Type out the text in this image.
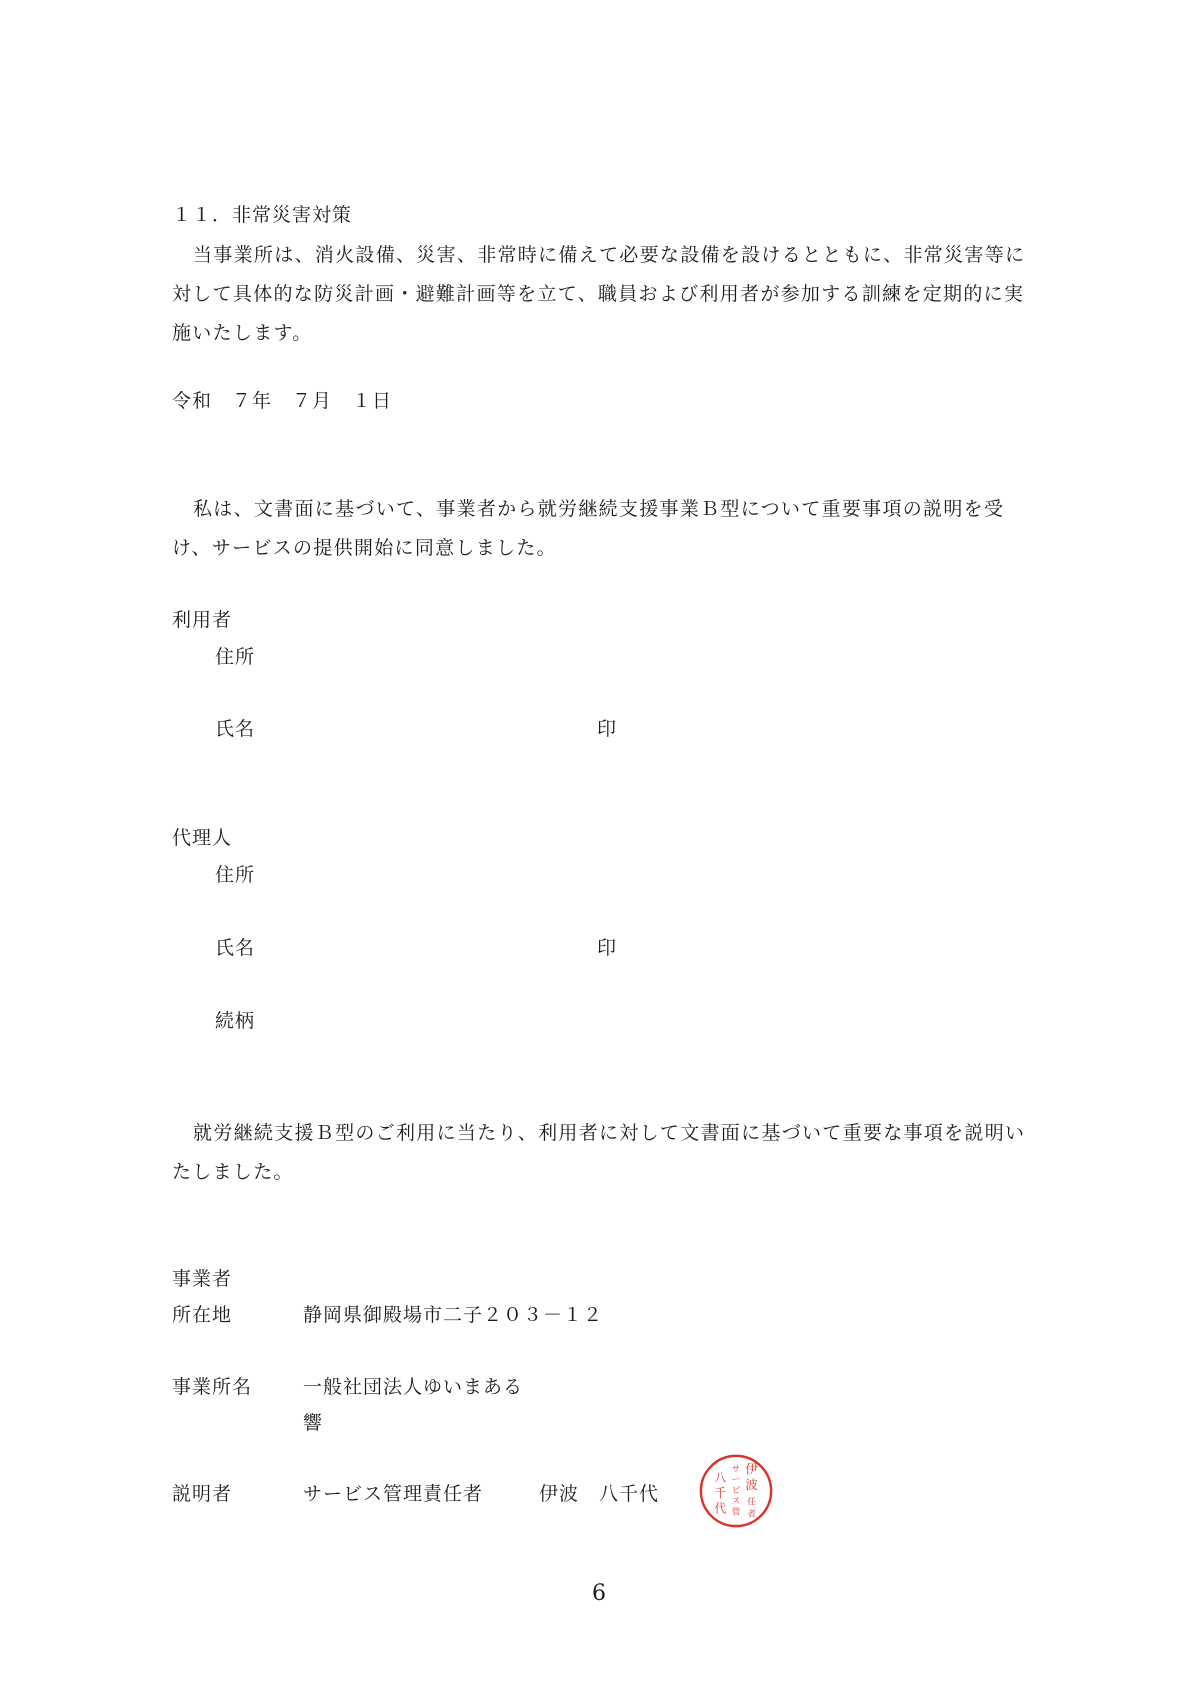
１１．非常災害対策
当事業所は、消火設備、災害、非常時に備えて必要な設備を設けるとともに、非常災害等に対して具体的な防災計画・避難計画等を立て、職員および利用者が参加する訓練を定期的に実施いたします。
令和　７年　７月　１日
私は、文書面に基づいて、事業者から就労継続支援事業Ｂ型について重要事項の説明を受け、サービスの提供開始に同意しました。
利用者
住所
氏名	印
代理人
住所
氏名	印
続柄
就労継続支援Ｂ型のご利用に当たり、利用者に対して文書面に基づいて重要な事項を説明いたしました。
事業者
所在地	静岡県御殿場市二子２０３－１２
事業所名	一般社団法人ゆいまある
響
説明者	サービス管理責任者	伊波　八千代
伊
波
サ
ー
ビ
ス
管
八
千
代 任
者
6
